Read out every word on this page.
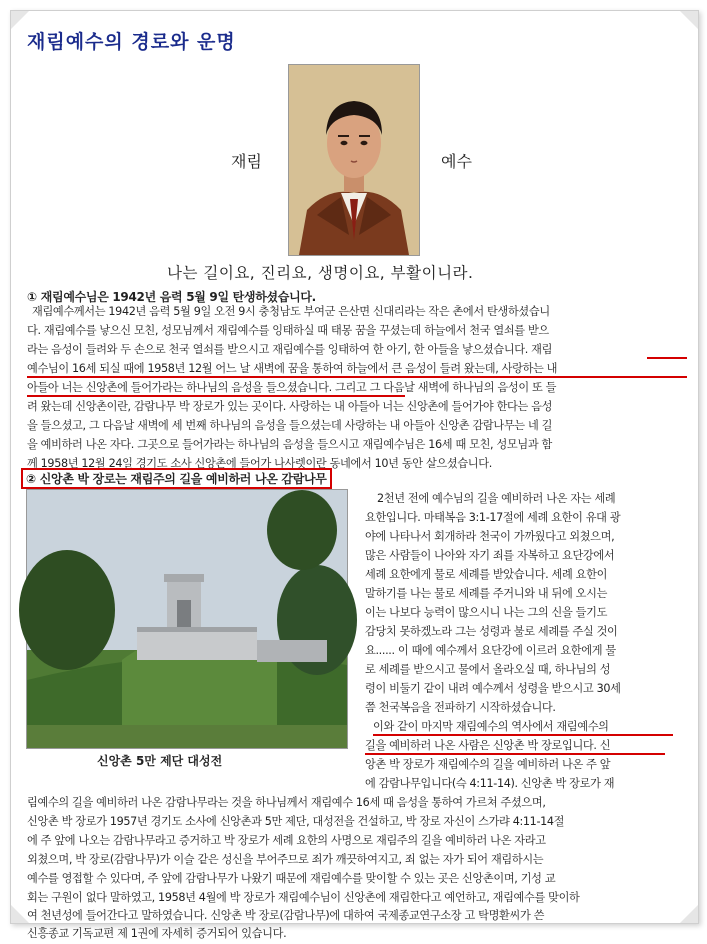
재림예수의 경로와 운명
재림	예수
나는 길이요, 진리요, 생명이요, 부활이니라.
① 재림예수님은 1942년 음력 5월 9일 탄생하셨습니다.
재림예수께서는 1942년 음력 5월 9일 오전 9시 충청남도 부여군 은산면 신대리라는 작은 촌에서 탄생하셨습니
다. 재림예수를 낳으신 모친, 성모님께서 재림예수를 잉태하실 때 태몽 꿈을 꾸셨는데 하늘에서 천국 열쇠를 받으
라는 음성이 들려와 두 손으로 천국 열쇠를 받으시고 재림예수를 잉태하여 한 아기, 한 아들을 낳으셨습니다. 재림
예수님이 16세 되실 때에 1958년 12월 어느 날 새벽에 꿈을 통하여 하늘에서 큰 음성이 들려 왔는데, 사랑하는 내
아들아 너는 신앙촌에 들어가라는 하나님의 음성을 들으셨습니다. 그리고 그 다음날 새벽에 하나님의 음성이 또 들
려 왔는데 신앙촌이란, 감람나무 박 장로가 있는 곳이다. 사랑하는 내 아들아 너는 신앙촌에 들어가야 한다는 음성
을 들으셨고, 그 다음날 새벽에 세 번째 하나님의 음성을 들으셨는데 사랑하는 내 아들아 신앙촌 감람나무는 네 길
을 예비하러 나온 자다. 그곳으로 들어가라는 하나님의 음성을 들으시고 재림예수님은 16세 때 모친, 성모님과 함
께 1958년 12월 24일 경기도 소사 신앙촌에 들어가 나사렛이란 동네에서 10년 동안 살으셨습니다.
② 신앙촌 박 장로는 재림주의 길을 예비하러 나온 감람나무
신앙촌 5만 제단 대성전
2천년 전에 예수님의 길을 예비하러 나온 자는 세례
요한입니다. 마태복음 3:1-17절에 세례 요한이 유대 광
야에 나타나서 회개하라 천국이 가까웠다고 외쳤으며,
많은 사람들이 나아와 자기 죄를 자복하고 요단강에서
세례 요한에게 물로 세례를 받았습니다. 세례 요한이
말하기를 나는 물로 세례를 주거니와 내 뒤에 오시는
이는 나보다 능력이 많으시니 나는 그의 신을 들기도
감당치 못하겠노라 그는 성령과 불로 세례를 주실 것이
요...... 이 때에 예수께서 요단강에 이르러 요한에게 물
로 세례를 받으시고 물에서 올라오실 때, 하나님의 성
령이 비둘기 같이 내려 예수께서 성령을 받으시고 30세
쯤 천국복음을 전파하기 시작하셨습니다.
이와 같이 마지막 재림예수의 역사에서 재림예수의
길을 예비하러 나온 사람은 신앙촌 박 장로입니다. 신
앙촌 박 장로가 재림예수의 길을 예비하러 나온 주 앞
에 감람나무입니다(슥 4:11-14). 신앙촌 박 장로가 재
림예수의 길을 예비하러 나온 감람나무라는 것을 하나님께서 재림예수 16세 때 음성을 통하여 가르쳐 주셨으며,
신앙촌 박 장로가 1957년 경기도 소사에 신앙촌과 5만 제단, 대성전을 건설하고, 박 장로 자신이 스가랴 4:11-14절
에 주 앞에 나오는 감람나무라고 증거하고 박 장로가 세례 요한의 사명으로 재림주의 길을 예비하러 나온 자라고
외쳤으며, 박 장로(감람나무)가 이슬 같은 성신을 부어주므로 죄가 깨끗하여지고, 죄 없는 자가 되어 재림하시는
예수를 영접할 수 있다며, 주 앞에 감람나무가 나왔기 때문에 재림예수를 맞이할 수 있는 곳은 신앙촌이며, 기성 교
회는 구원이 없다 말하였고, 1958년 4월에 박 장로가 재림예수님이 신앙촌에 재림한다고 예언하고, 재림예수를 맞이하
여 천년성에 들어간다고 말하였습니다. 신앙촌 박 장로(감람나무)에 대하여 국제종교연구소장 고 탁명환씨가 쓴
신흥종교 기독교편 제 1권에 자세히 증거되어 있습니다.
